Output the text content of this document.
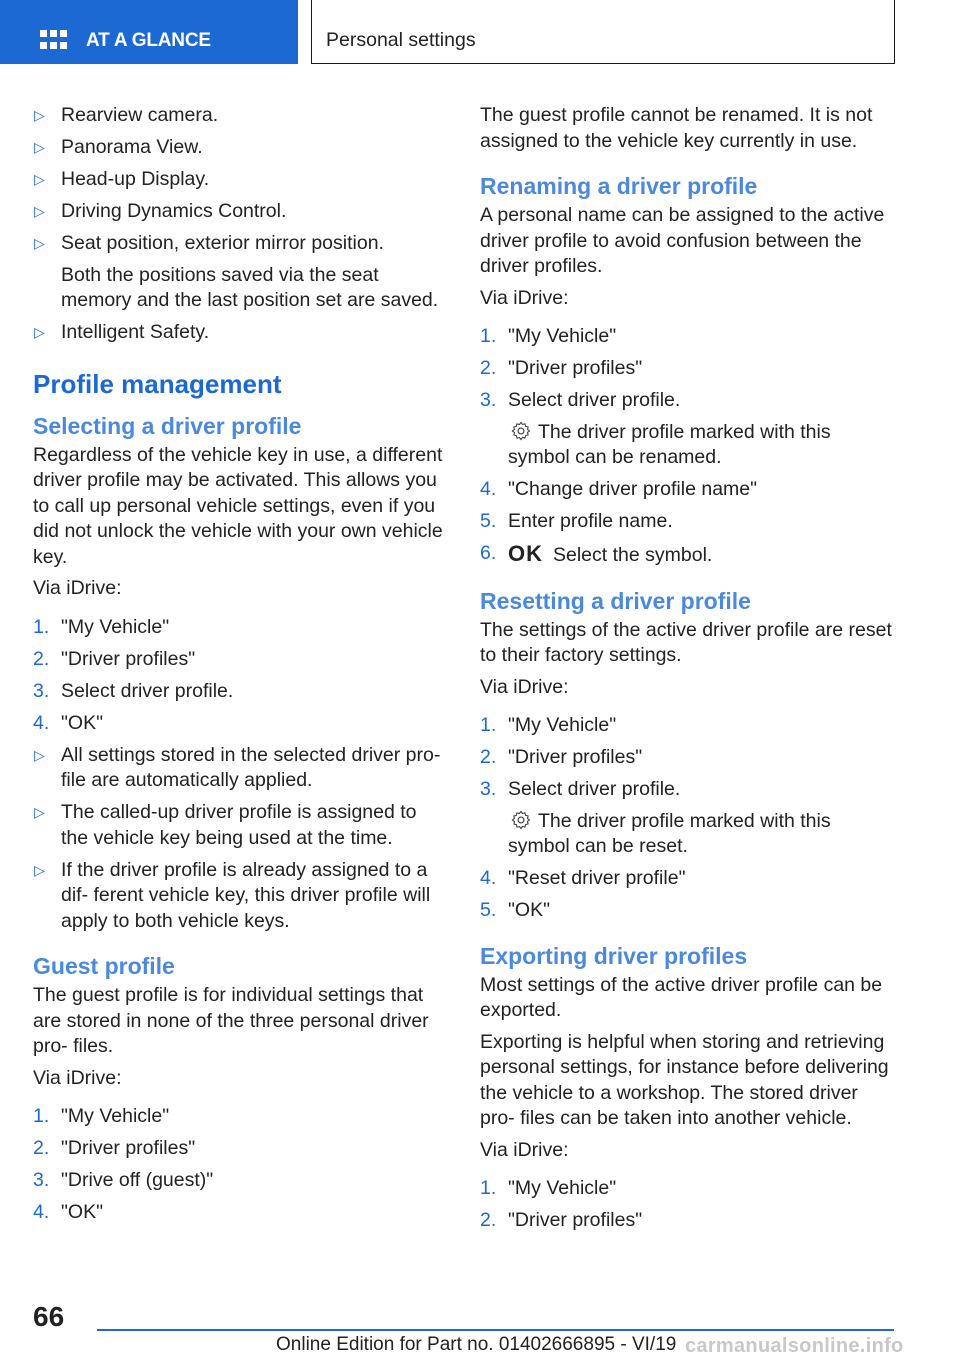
AT A GLANCE	Personal settings
▷ Rearview camera.
▷ Panorama View.
▷ Head-up Display.
▷ Driving Dynamics Control.
▷ Seat position, exterior mirror position.
Both the positions saved via the seat memory and the last position set are saved.
▷ Intelligent Safety.
Profile management
Selecting a driver profile

Regardless of the vehicle key in use, a different driver profile may be activated. This allows you to call up personal vehicle settings, even if you did not unlock the vehicle with your own vehicle key.

Via iDrive:

1. "My Vehicle"
2. "Driver profiles"
3. Select driver profile.
4. "OK"
▷ All settings stored in the selected driver pro‐ file are automatically applied.
▷ The called-up driver profile is assigned to the vehicle key being used at the time.
▷ If the driver profile is already assigned to a dif‐ ferent vehicle key, this driver profile will apply to both vehicle keys.
Guest profile

The guest profile is for individual settings that are stored in none of the three personal driver pro‐ files.

Via iDrive:

1. "My Vehicle"
2. "Driver profiles"
3. "Drive off (guest)"
4. "OK"

The guest profile cannot be renamed. It is not assigned to the vehicle key currently in use.

Renaming a driver profile

A personal name can be assigned to the active driver profile to avoid confusion between the driver profiles.

Via iDrive:

1. "My Vehicle"
2. "Driver profiles"
3. Select driver profile.
The driver profile marked with this symbol can be renamed.
4. "Change driver profile name"
5. Enter profile name.
6. OK Select the symbol.
Resetting a driver profile

The settings of the active driver profile are reset to their factory settings.

Via iDrive:

1. "My Vehicle"
2. "Driver profiles"
3. Select driver profile.
The driver profile marked with this symbol can be reset.
4. "Reset driver profile"
5. "OK"
Exporting driver profiles

Most settings of the active driver profile can be exported.

Exporting is helpful when storing and retrieving personal settings, for instance before delivering the vehicle to a workshop. The stored driver pro‐ files can be taken into another vehicle.

Via iDrive:

1. "My Vehicle"
2. "Driver profiles"
66
Online Edition for Part no. 01402666895 - VI/19 carmanualsonline.info
